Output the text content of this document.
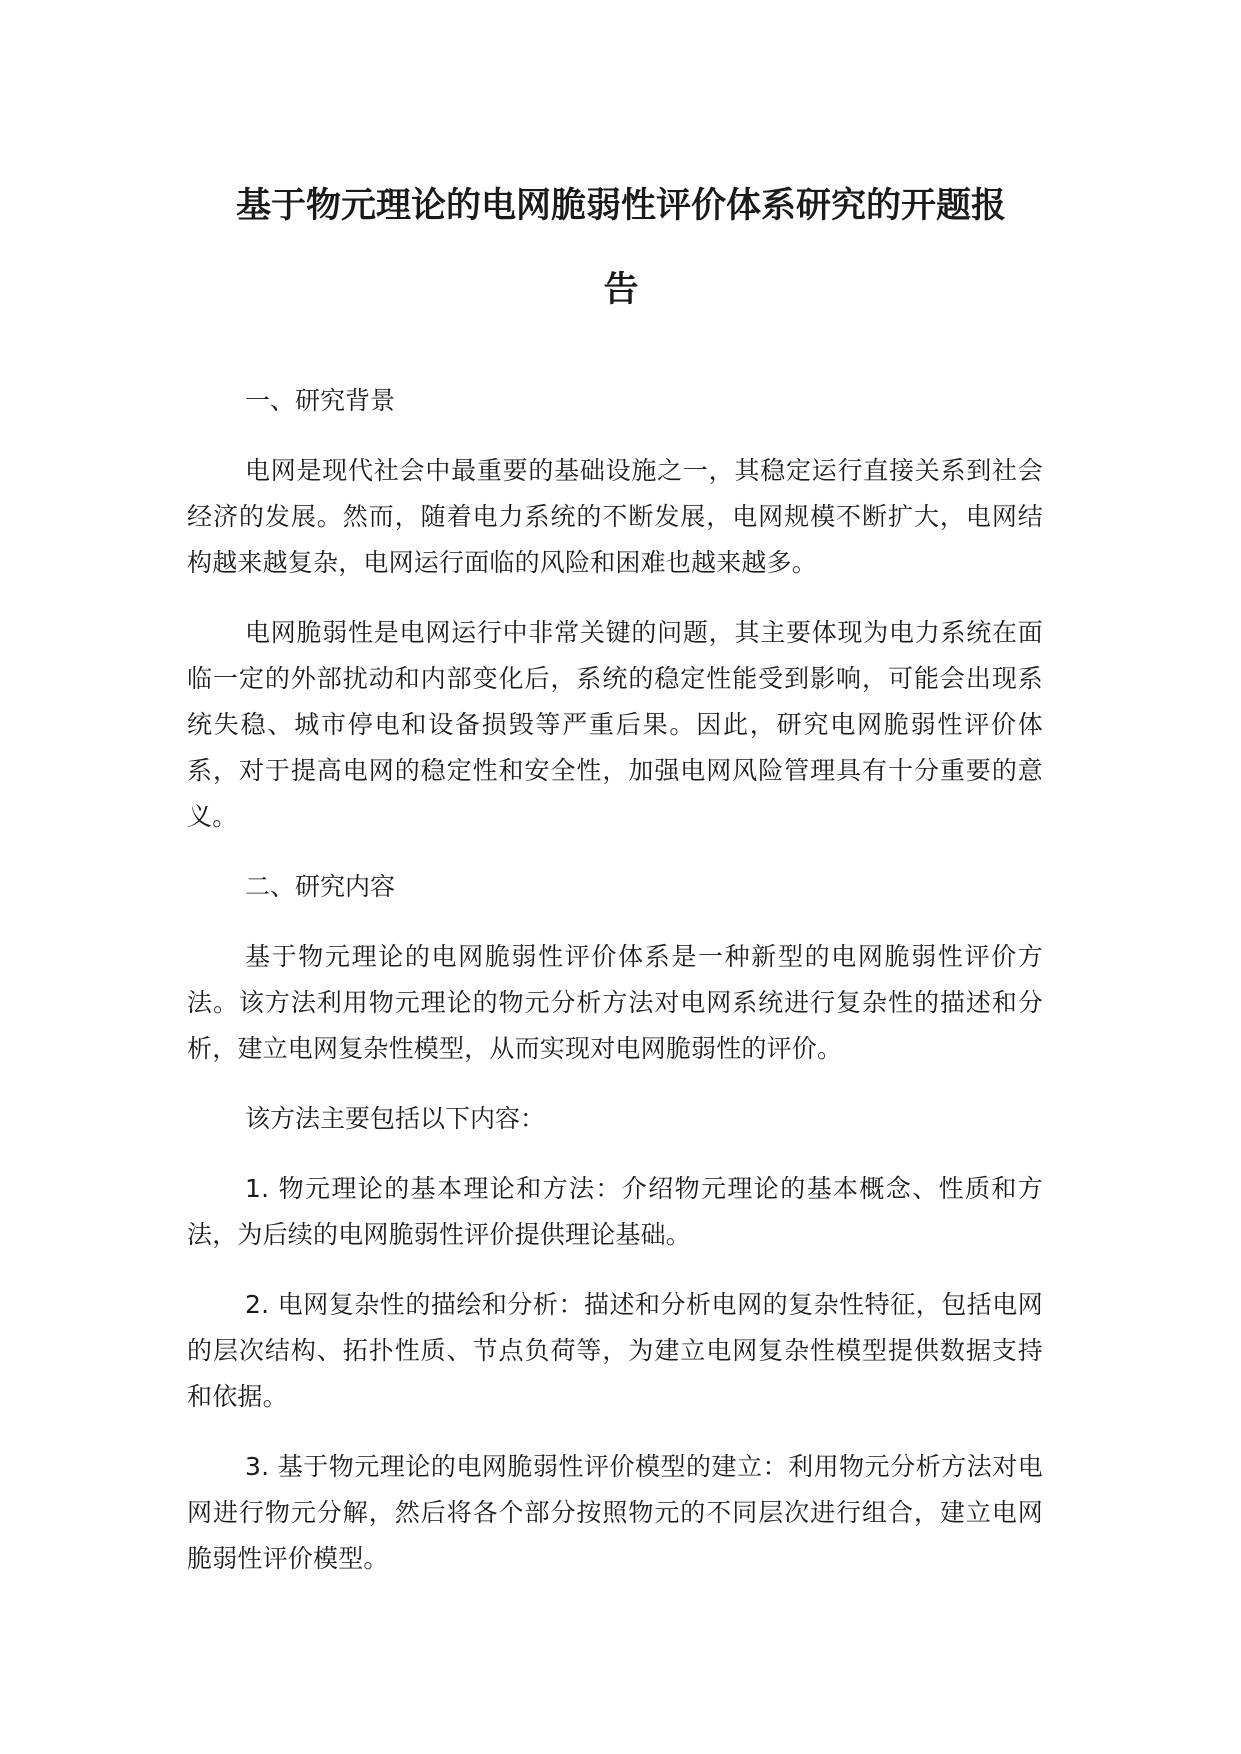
基于物元理论的电网脆弱性评价体系研究的开题报
告

一、研究背景

电网是现代社会中最重要的基础设施之一，其稳定运行直接关系到社会经济的发展。然而，随着电力系统的不断发展，电网规模不断扩大，电网结构越来越复杂，电网运行面临的风险和困难也越来越多。

电网脆弱性是电网运行中非常关键的问题，其主要体现为电力系统在面临一定的外部扰动和内部变化后，系统的稳定性能受到影响，可能会出现系统失稳、城市停电和设备损毁等严重后果。因此，研究电网脆弱性评价体系，对于提高电网的稳定性和安全性，加强电网风险管理具有十分重要的意义。

二、研究内容

基于物元理论的电网脆弱性评价体系是一种新型的电网脆弱性评价方法。该方法利用物元理论的物元分析方法对电网系统进行复杂性的描述和分析，建立电网复杂性模型，从而实现对电网脆弱性的评价。

该方法主要包括以下内容：

1. 物元理论的基本理论和方法：介绍物元理论的基本概念、性质和方法，为后续的电网脆弱性评价提供理论基础。

2. 电网复杂性的描绘和分析：描述和分析电网的复杂性特征，包括电网的层次结构、拓扑性质、节点负荷等，为建立电网复杂性模型提供数据支持和依据。

3. 基于物元理论的电网脆弱性评价模型的建立：利用物元分析方法对电网进行物元分解，然后将各个部分按照物元的不同层次进行组合，建立电网脆弱性评价模型。
